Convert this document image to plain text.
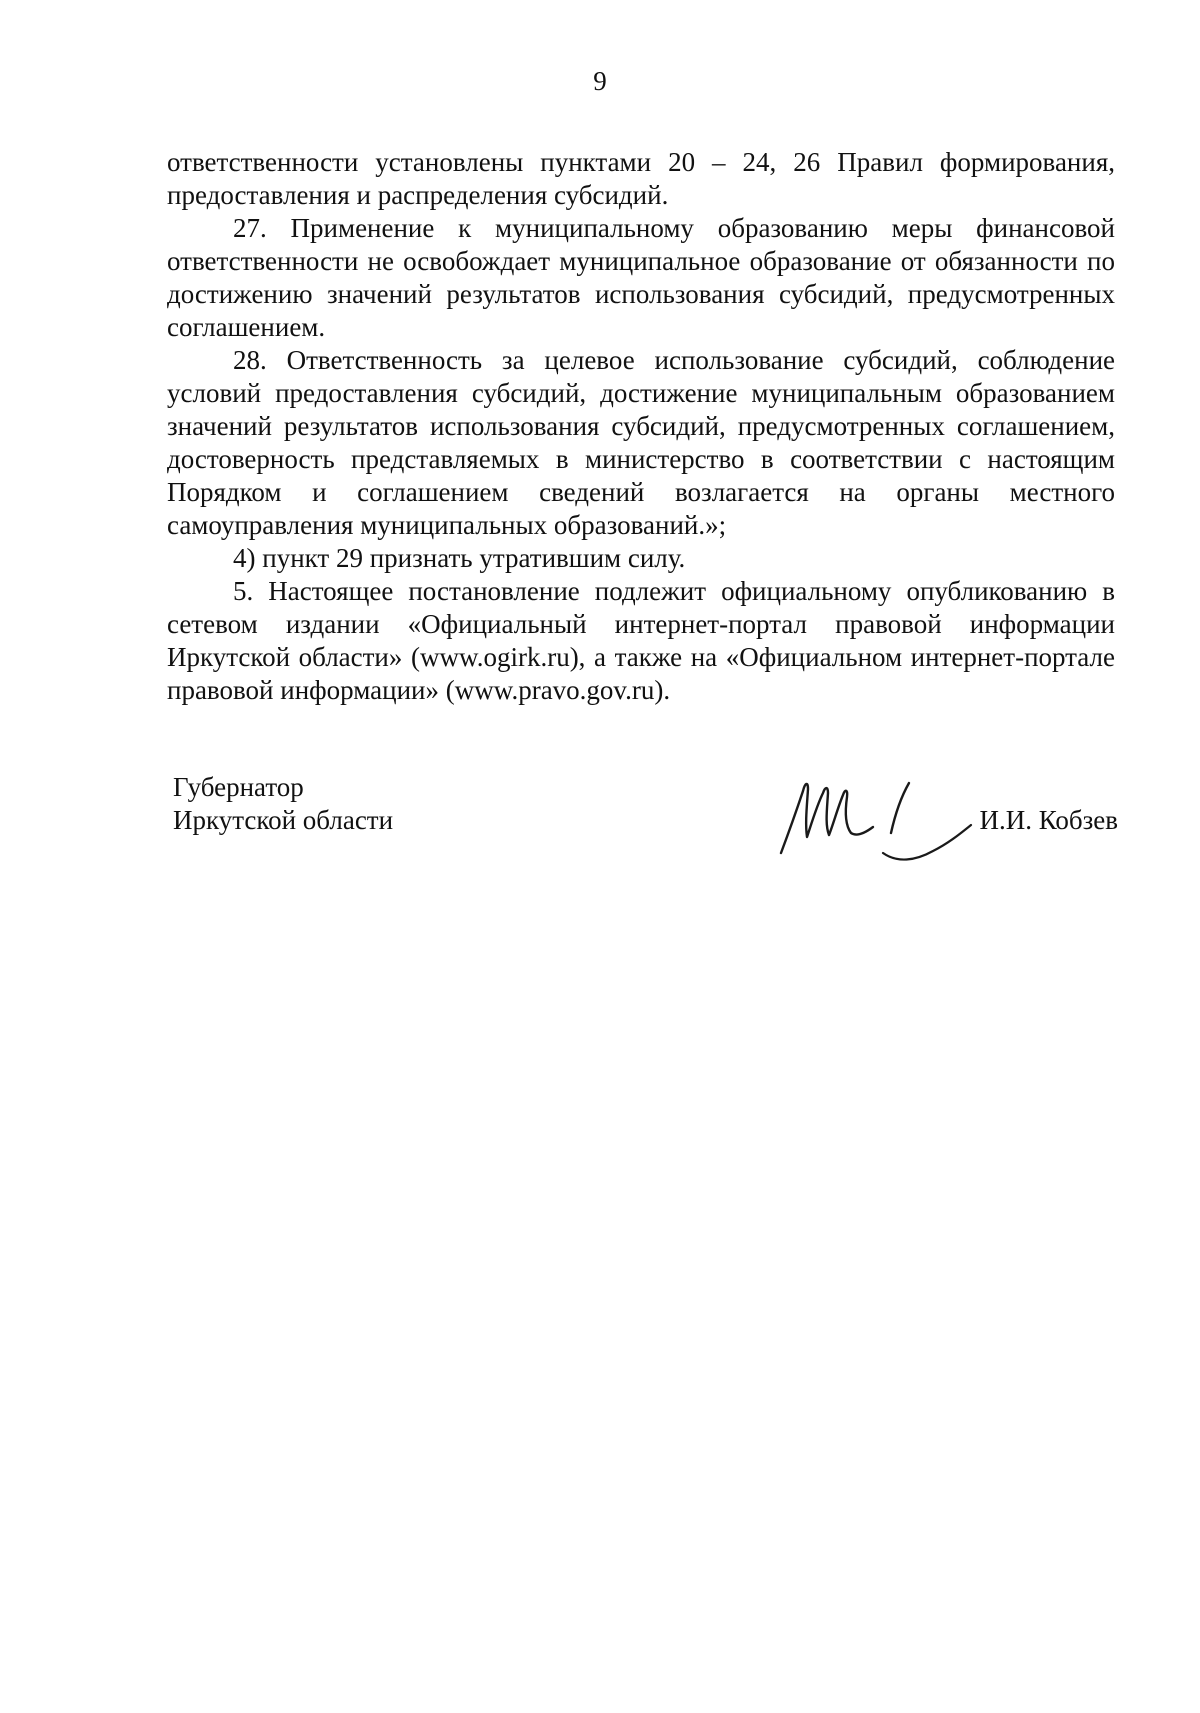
9

ответственности установлены пунктами 20 – 24, 26 Правил формирования, предоставления и распределения субсидий.

27. Применение к муниципальному образованию меры финансовой ответственности не освобождает муниципальное образование от обязанности по достижению значений результатов использования субсидий, предусмотренных соглашением.

28. Ответственность за целевое использование субсидий, соблюдение условий предоставления субсидий, достижение муниципальным образованием значений результатов использования субсидий, предусмотренных соглашением, достоверность представляемых в министерство в соответствии с настоящим Порядком и соглашением сведений возлагается на органы местного самоуправления муниципальных образований.»;

4) пункт 29 признать утратившим силу.

5. Настоящее постановление подлежит официальному опубликованию в сетевом издании «Официальный интернет-портал правовой информации Иркутской области» (www.ogirk.ru), а также на «Официальном интернет-портале правовой информации» (www.pravo.gov.ru).

Губернатор
Иркутской области	И.И. Кобзев
